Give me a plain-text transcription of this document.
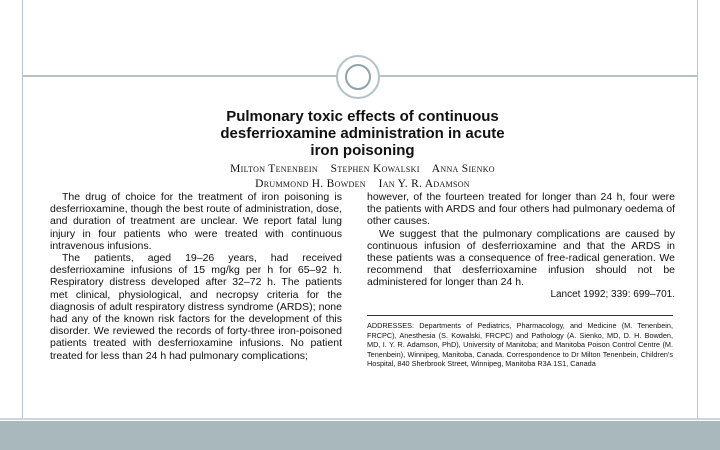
Pulmonary toxic effects of continuous
desferrioxamine administration in acute
iron poisoning
Milton Tenenbein    Stephen Kowalski    Anna Sienko
Drummond H. Bowden    Ian Y. R. Adamson

The drug of choice for the treatment of iron poisoning is desferrioxamine, though the best route of administration, dose, and duration of treatment are unclear. We report fatal lung injury in four patients who were treated with continuous intravenous infusions.

The patients, aged 19–26 years, had received desferrioxamine infusions of 15 mg/kg per h for 65–92 h. Respiratory distress developed after 32–72 h. The patients met clinical, physiological, and necropsy criteria for the diagnosis of adult respiratory distress syndrome (ARDS); none had any of the known risk factors for the development of this disorder. We reviewed the records of forty-three iron-poisoned patients treated with desferrioxamine infusions. No patient treated for less than 24 h had pulmonary complications;

however, of the fourteen treated for longer than 24 h, four were the patients with ARDS and four others had pulmonary oedema of other causes.

We suggest that the pulmonary complications are caused by continuous infusion of desferrioxamine and that the ARDS in these patients was a consequence of free-radical generation. We recommend that desferrioxamine infusion should not be administered for longer than 24 h.

Lancet 1992; 339: 699–701.

ADDRESSES: Departments of Pediatrics, Pharmacology, and Medicine (M. Tenenbein, FRCPC), Anesthesia (S. Kowalski, FRCPC) and Pathology (A. Sienko, MD, D. H. Bowden, MD, I. Y. R. Adamson, PhD), University of Manitoba; and Manitoba Poison Control Centre (M. Tenenbein), Winnipeg, Manitoba, Canada. Correspondence to Dr Milton Tenenbein, Children's Hospital, 840 Sherbrook Street, Winnipeg, Manitoba R3A 1S1, Canada
